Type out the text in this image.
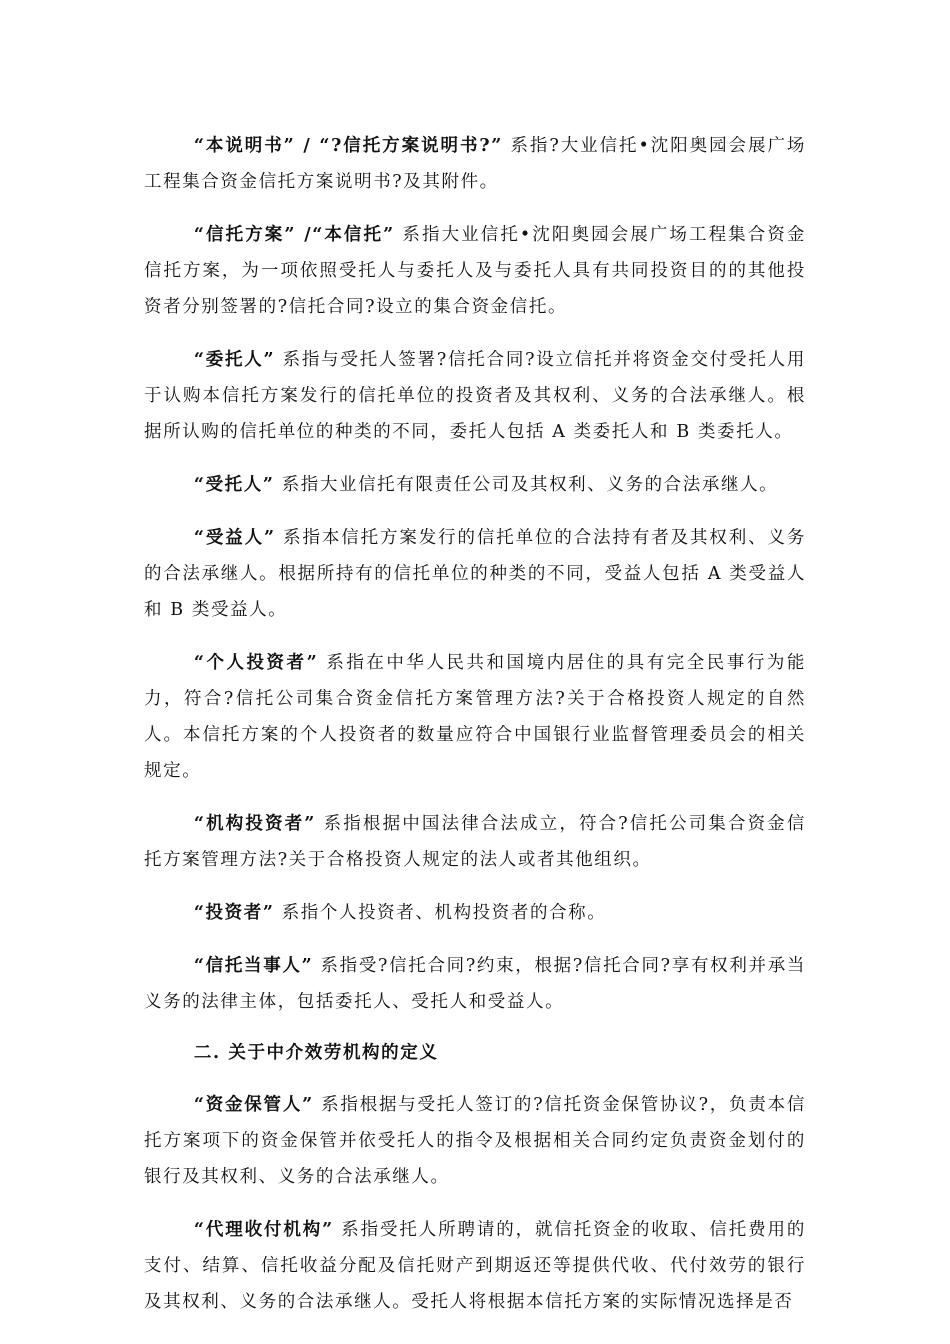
“本说明书” / “?信托方案说明书?” 系指?大业信托•沈阳奥园会展广场工程集合资金信托方案说明书?及其附件。

“信托方案” /“本信托” 系指大业信托•沈阳奥园会展广场工程集合资金信托方案，为一项依照受托人与委托人及与委托人具有共同投资目的的其他投资者分别签署的?信托合同?设立的集合资金信托。

“委托人” 系指与受托人签署?信托合同?设立信托并将资金交付受托人用于认购本信托方案发行的信托单位的投资者及其权利、义务的合法承继人。根据所认购的信托单位的种类的不同，委托人包括 A 类委托人和 B 类委托人。

“受托人” 系指大业信托有限责任公司及其权利、义务的合法承继人。

“受益人” 系指本信托方案发行的信托单位的合法持有者及其权利、义务的合法承继人。根据所持有的信托单位的种类的不同，受益人包括 A 类受益人和 B 类受益人。

“个人投资者” 系指在中华人民共和国境内居住的具有完全民事行为能力，符合?信托公司集合资金信托方案管理方法?关于合格投资人规定的自然人。本信托方案的个人投资者的数量应符合中国银行业监督管理委员会的相关规定。

“机构投资者” 系指根据中国法律合法成立，符合?信托公司集合资金信托方案管理方法?关于合格投资人规定的法人或者其他组织。

“投资者” 系指个人投资者、机构投资者的合称。

“信托当事人” 系指受?信托合同?约束，根据?信托合同?享有权利并承当义务的法律主体，包括委托人、受托人和受益人。

二. 关于中介效劳机构的定义

“资金保管人” 系指根据与受托人签订的?信托资金保管协议?，负责本信托方案项下的资金保管并依受托人的指令及根据相关合同约定负责资金划付的银行及其权利、义务的合法承继人。

“代理收付机构” 系指受托人所聘请的，就信托资金的收取、信托费用的支付、结算、信托收益分配及信托财产到期返还等提供代收、代付效劳的银行及其权利、义务的合法承继人。受托人将根据本信托方案的实际情况选择是否
